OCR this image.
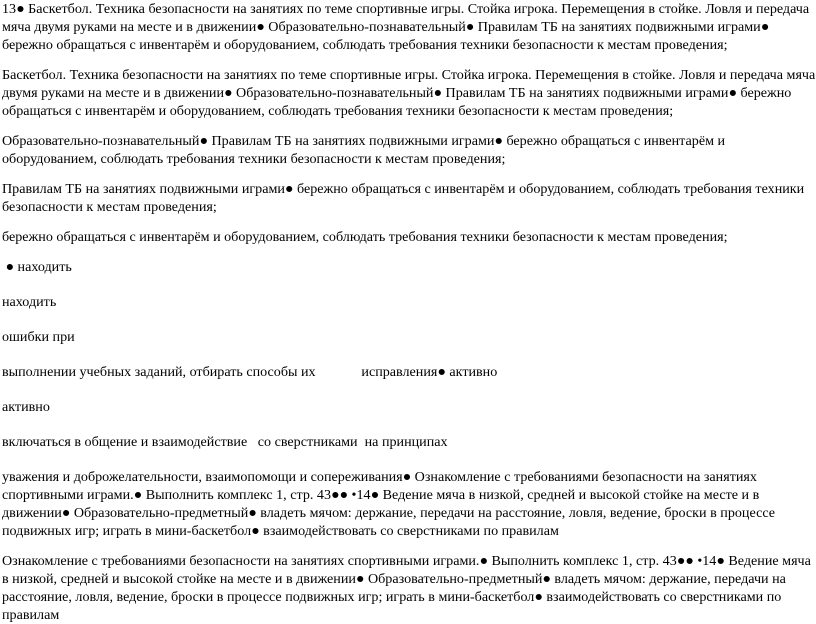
13● Баскетбол. Техника безопасности на занятиях по теме спортивные игры. Стойка игрока. Перемещения в стойке. Ловля и передача мяча двумя руками на месте и в движении● Образовательно-познавательный● Правилам ТБ на занятиях подвижными играми● бережно обращаться с инвентарём и оборудованием, соблюдать требования техники безопасности к местам проведения;

Баскетбол. Техника безопасности на занятиях по теме спортивные игры. Стойка игрока. Перемещения в стойке. Ловля и передача мяча двумя руками на месте и в движении● Образовательно-познавательный● Правилам ТБ на занятиях подвижными играми● бережно обращаться с инвентарём и оборудованием, соблюдать требования техники безопасности к местам проведения;

Образовательно-познавательный● Правилам ТБ на занятиях подвижными играми● бережно обращаться с инвентарём и оборудованием, соблюдать требования техники безопасности к местам проведения;

Правилам ТБ на занятиях подвижными играми● бережно обращаться с инвентарём и оборудованием, соблюдать требования техники безопасности к местам проведения;

бережно обращаться с инвентарём и оборудованием, соблюдать требования техники безопасности к местам проведения;

● находить

находить

ошибки при

выполнении учебных заданий, отбирать способы их             исправления● активно

активно

включаться в общение и взаимодействие   со сверстниками  на принципах

уважения и доброжелательности, взаимопомощи и сопереживания● Ознакомление с требованиями безопасности на занятиях спортивными играми.● Выполнить комплекс 1, стр. 43●● •14● Ведение мяча в низкой, средней и высокой стойке на месте и в движении● Образовательно-предметный● владеть мячом: держание, передачи на расстояние, ловля, ведение, броски в процессе подвижных игр; играть в мини-баскетбол● взаимодействовать со сверстниками по правилам

Ознакомление с требованиями безопасности на занятиях спортивными играми.● Выполнить комплекс 1, стр. 43●● •14● Ведение мяча в низкой, средней и высокой стойке на месте и в движении● Образовательно-предметный● владеть мячом: держание, передачи на расстояние, ловля, ведение, броски в процессе подвижных игр; играть в мини-баскетбол● взаимодействовать со сверстниками по правилам
